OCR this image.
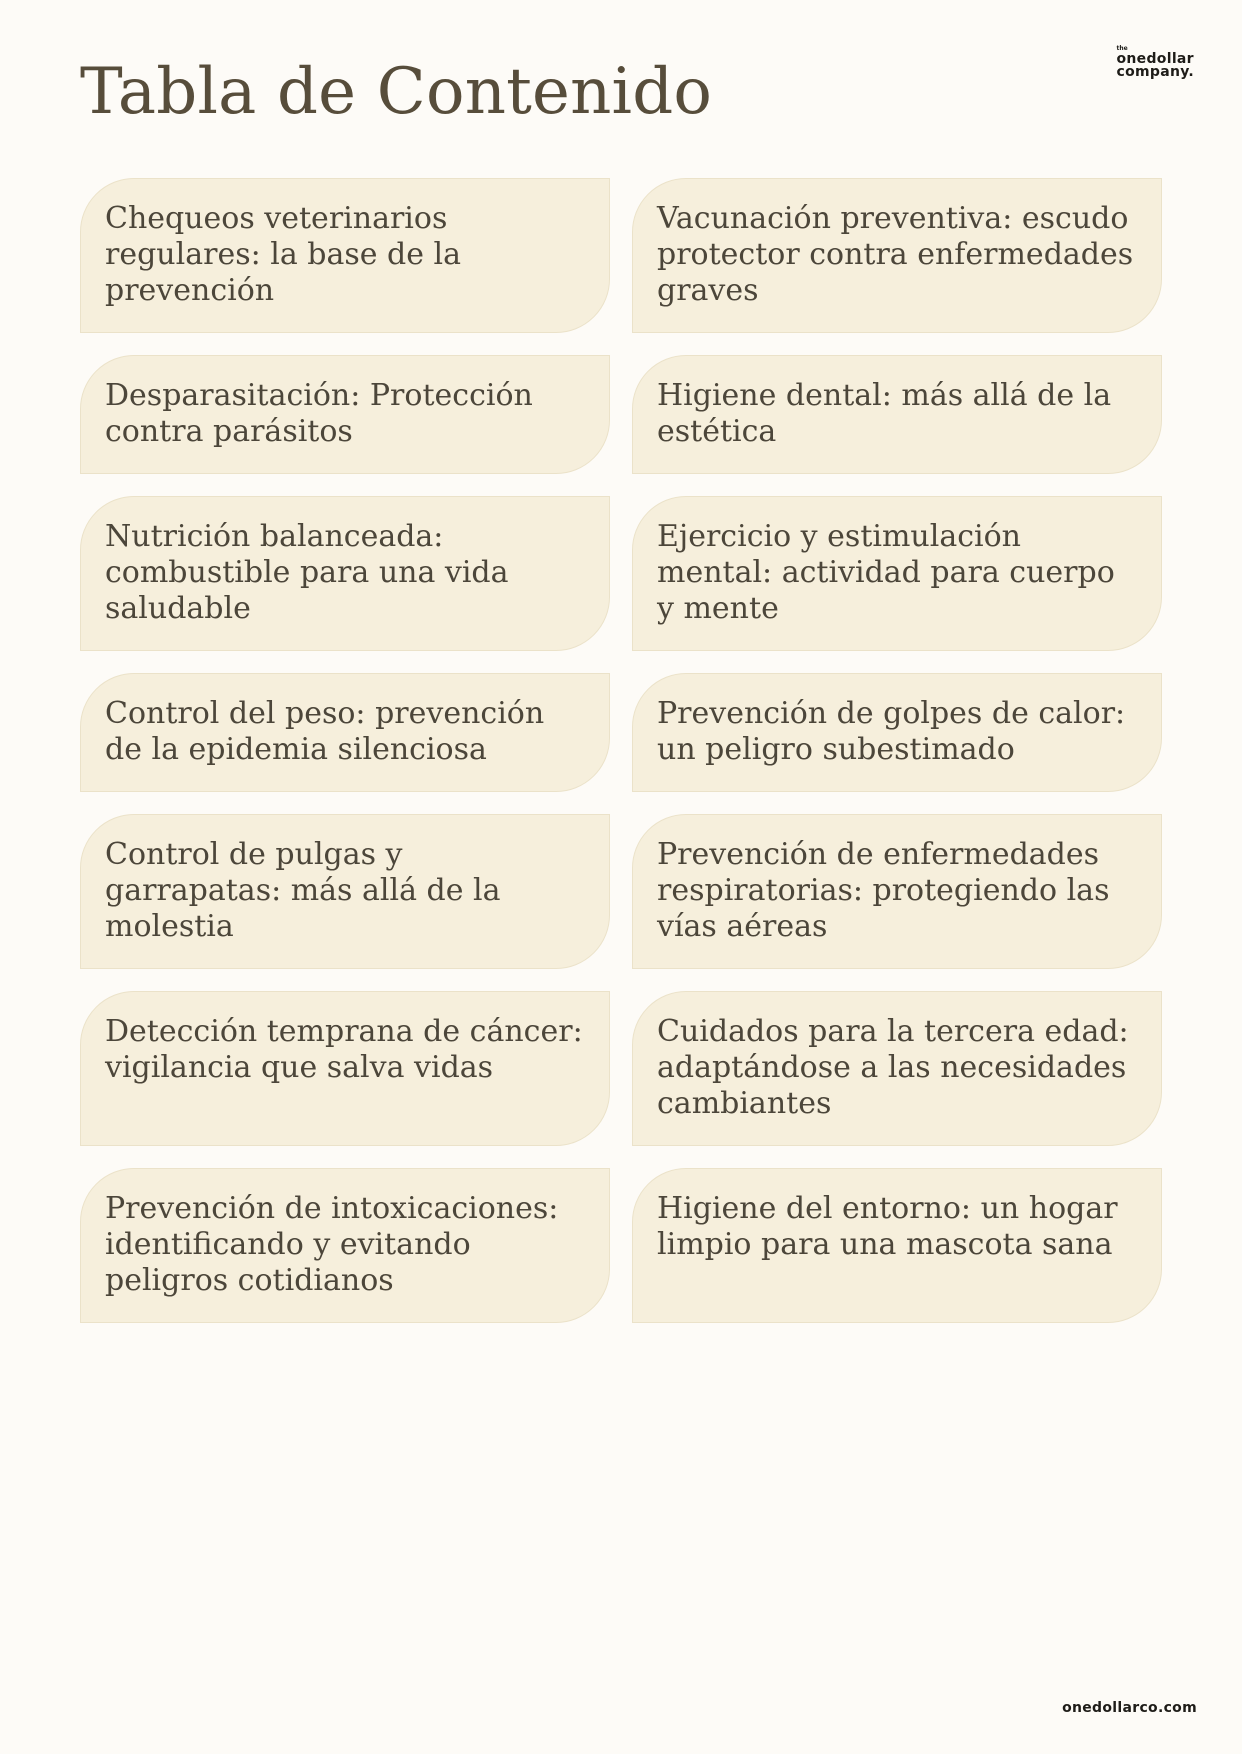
Tabla de Contenido
the
onedollar
company.
Chequeos veterinarios regulares: la base de la prevención
Vacunación preventiva: escudo protector contra enfermedades graves
Desparasitación: Protección contra parásitos
Higiene dental: más allá de la estética
Nutrición balanceada: combustible para una vida saludable
Ejercicio y estimulación mental: actividad para cuerpo y mente
Control del peso: prevención de la epidemia silenciosa
Prevención de golpes de calor: un peligro subestimado
Control de pulgas y garrapatas: más allá de la molestia
Prevención de enfermedades respiratorias: protegiendo las vías aéreas
Detección temprana de cáncer: vigilancia que salva vidas
Cuidados para la tercera edad: adaptándose a las necesidades cambiantes
Prevención de intoxicaciones: identificando y evitando peligros cotidianos
Higiene del entorno: un hogar limpio para una mascota sana

onedollarco.com
